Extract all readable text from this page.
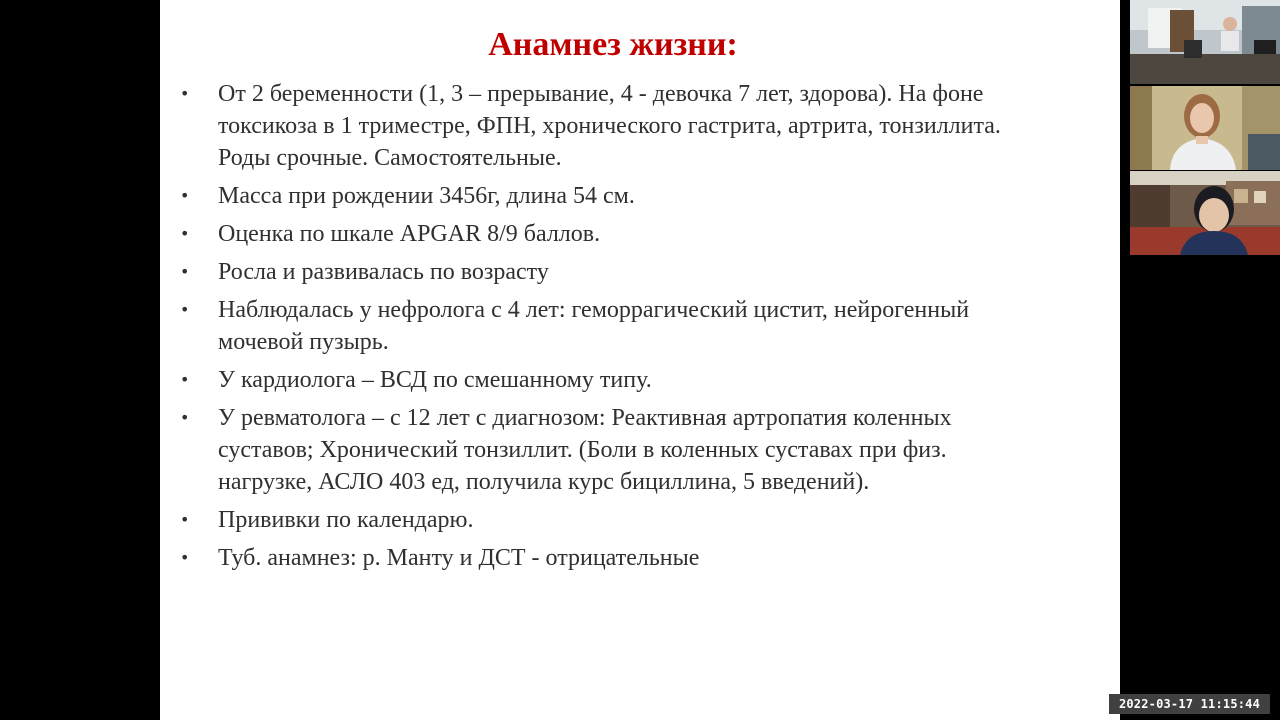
Анамнез жизни:
• От 2 беременности (1, 3 – прерывание, 4 - девочка 7 лет, здорова). На фоне
токсикоза в 1 триместре, ФПН, хронического гастрита, артрита, тонзиллита.
Роды срочные. Самостоятельные.
• Масса при рождении 3456г, длина 54 см.
• Оценка по шкале APGAR 8/9 баллов.
• Росла и развивалась по возрасту
• Наблюдалась у нефролога с 4 лет: геморрагический цистит, нейрогенный
мочевой пузырь.
• У кардиолога – ВСД по смешанному типу.
• У ревматолога – с 12 лет с диагнозом: Реактивная артропатия коленных
суставов; Хронический тонзиллит. (Боли в коленных суставах при физ.
нагрузке, АСЛО 403 ед, получила курс бициллина, 5 введений).
• Прививки по календарю.
• Туб. анамнез: р. Манту и ДСТ - отрицательные
2022-03-17 11:15:44
